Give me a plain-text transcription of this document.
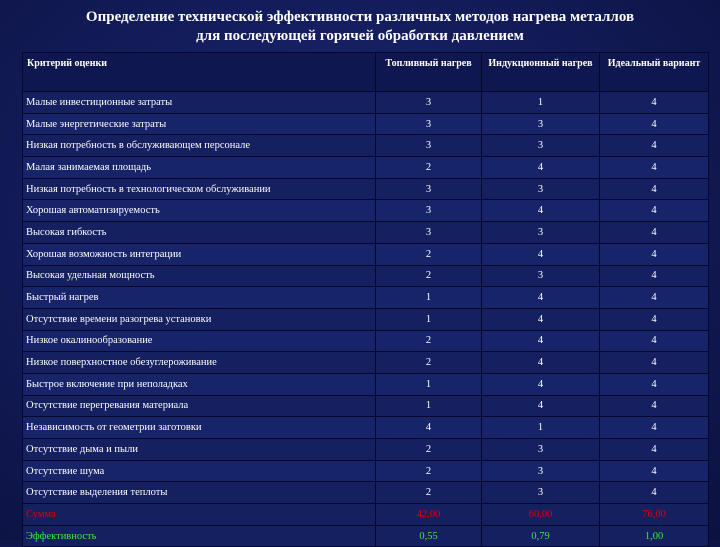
Определение технической эффективности различных методов нагрева металлов
для последующей горячей обработки давлением
Критерий оценки	Топливный нагрев	Индукционный нагрев	Идеальный вариант
Малые инвестиционные затраты	3	1	4
Малые энергетические затраты	3	3	4
Низкая потребность в обслуживающем персонале	3	3	4
Малая занимаемая площадь	2	4	4
Низкая потребность в технологическом обслуживании	3	3	4
Хорошая автоматизируемость	3	4	4
Высокая гибкость	3	3	4
Хорошая возможность интеграции	2	4	4
Высокая удельная мощность	2	3	4
Быстрый нагрев	1	4	4
Отсутствие времени разогрева установки	1	4	4
Низкое окалинообразование	2	4	4
Низкое поверхностное обезуглероживание	2	4	4
Быстрое включение при неполадках	1	4	4
Отсутствие перегревания материала	1	4	4
Независимость от геометрии заготовки	4	1	4
Отсутствие дыма и пыли	2	3	4
Отсутствие шума	2	3	4
Отсутствие выделения теплоты	2	3	4
Сумма	42,00	60,00	76,00
Эффективность	0,55	0,79	1,00
